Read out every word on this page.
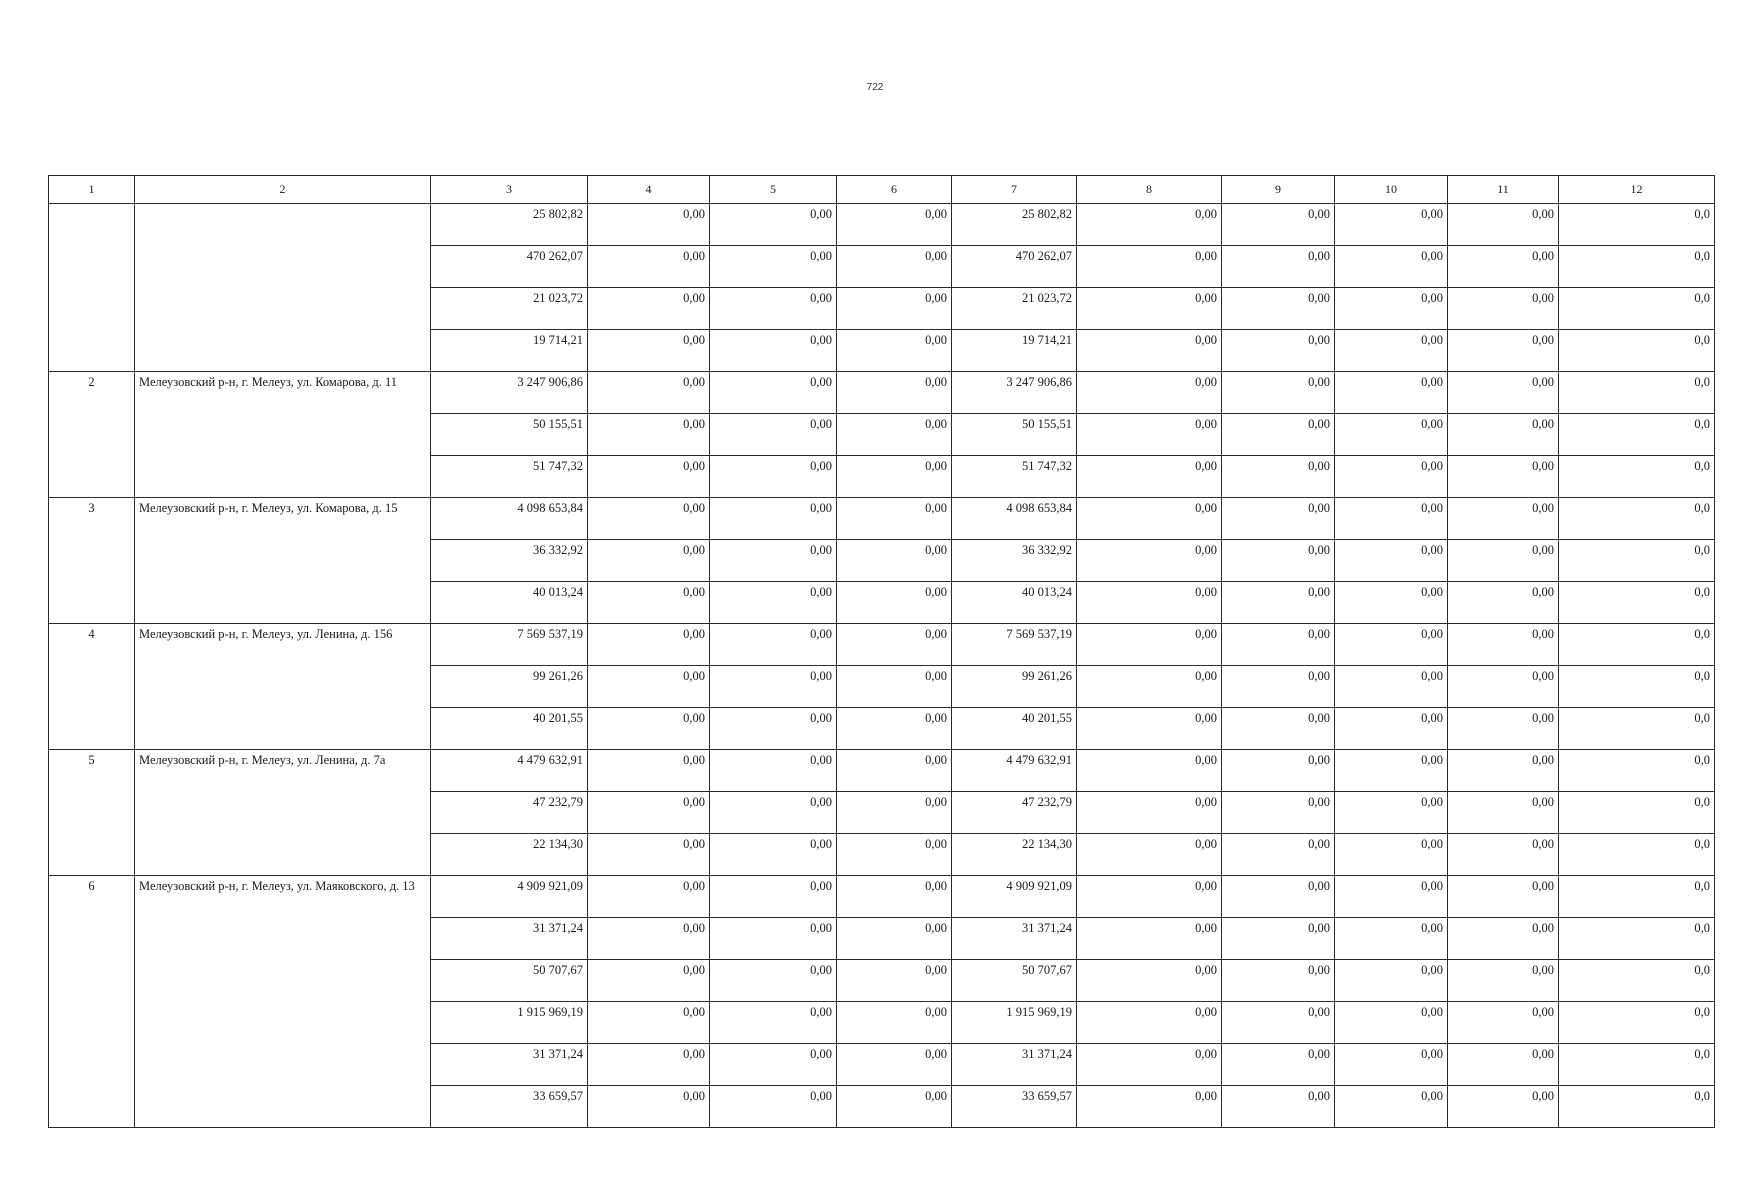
722
1	2	3	4	5	6	7	8	9	10	11	12
		25 802,82	0,00	0,00	0,00	25 802,82	0,00	0,00	0,00	0,00	0,0
		470 262,07	0,00	0,00	0,00	470 262,07	0,00	0,00	0,00	0,00	0,0
		21 023,72	0,00	0,00	0,00	21 023,72	0,00	0,00	0,00	0,00	0,0
		19 714,21	0,00	0,00	0,00	19 714,21	0,00	0,00	0,00	0,00	0,0
2	Мелеузовский р-н, г. Мелеуз, ул. Комарова, д. 11	3 247 906,86	0,00	0,00	0,00	3 247 906,86	0,00	0,00	0,00	0,00	0,0
		50 155,51	0,00	0,00	0,00	50 155,51	0,00	0,00	0,00	0,00	0,0
		51 747,32	0,00	0,00	0,00	51 747,32	0,00	0,00	0,00	0,00	0,0
3	Мелеузовский р-н, г. Мелеуз, ул. Комарова, д. 15	4 098 653,84	0,00	0,00	0,00	4 098 653,84	0,00	0,00	0,00	0,00	0,0
		36 332,92	0,00	0,00	0,00	36 332,92	0,00	0,00	0,00	0,00	0,0
		40 013,24	0,00	0,00	0,00	40 013,24	0,00	0,00	0,00	0,00	0,0
4	Мелеузовский р-н, г. Мелеуз, ул. Ленина, д. 156	7 569 537,19	0,00	0,00	0,00	7 569 537,19	0,00	0,00	0,00	0,00	0,0
		99 261,26	0,00	0,00	0,00	99 261,26	0,00	0,00	0,00	0,00	0,0
		40 201,55	0,00	0,00	0,00	40 201,55	0,00	0,00	0,00	0,00	0,0
5	Мелеузовский р-н, г. Мелеуз, ул. Ленина, д. 7а	4 479 632,91	0,00	0,00	0,00	4 479 632,91	0,00	0,00	0,00	0,00	0,0
		47 232,79	0,00	0,00	0,00	47 232,79	0,00	0,00	0,00	0,00	0,0
		22 134,30	0,00	0,00	0,00	22 134,30	0,00	0,00	0,00	0,00	0,0
6	Мелеузовский р-н, г. Мелеуз, ул. Маяковского, д. 13	4 909 921,09	0,00	0,00	0,00	4 909 921,09	0,00	0,00	0,00	0,00	0,0
		31 371,24	0,00	0,00	0,00	31 371,24	0,00	0,00	0,00	0,00	0,0
		50 707,67	0,00	0,00	0,00	50 707,67	0,00	0,00	0,00	0,00	0,0
		1 915 969,19	0,00	0,00	0,00	1 915 969,19	0,00	0,00	0,00	0,00	0,0
		31 371,24	0,00	0,00	0,00	31 371,24	0,00	0,00	0,00	0,00	0,0
		33 659,57	0,00	0,00	0,00	33 659,57	0,00	0,00	0,00	0,00	0,0
